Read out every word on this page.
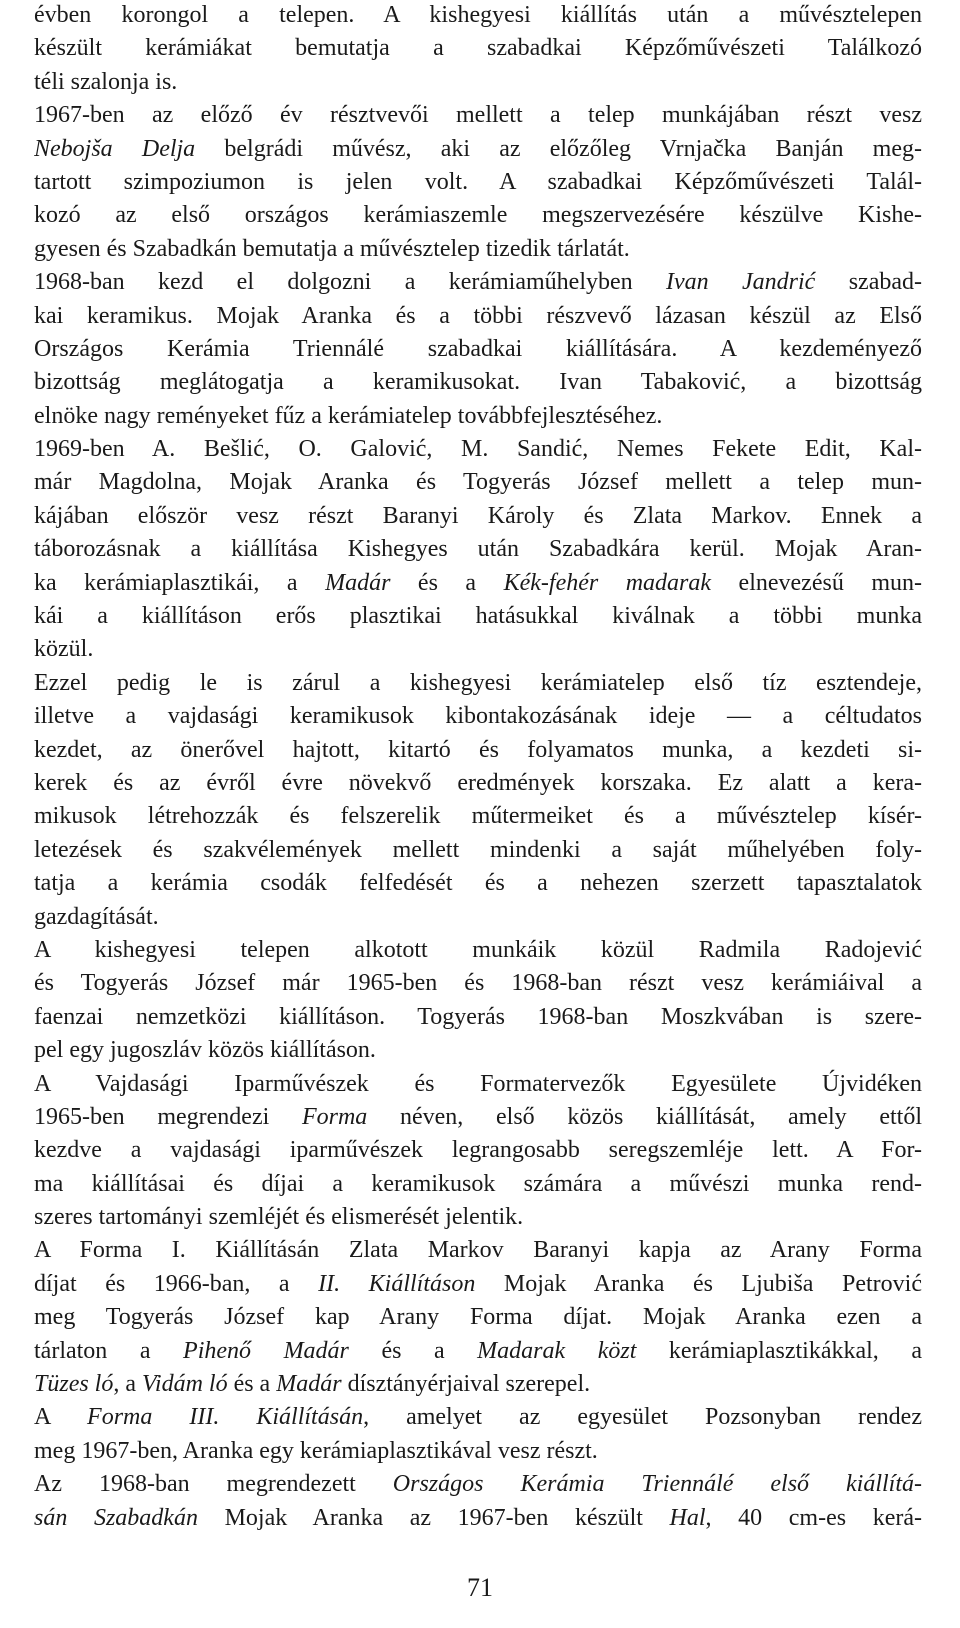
évben korongol a telepen. A kishegyesi kiállítás után a művésztelepen
készült kerámiákat bemutatja a szabadkai Képzőművészeti Találkozó
téli szalonja is.
1967-ben az előző év résztvevői mellett a telep munkájában részt vesz
Nebojša Delja belgrádi művész, aki az előzőleg Vrnjačka Banján meg-
tartott szimpoziumon is jelen volt. A szabadkai Képzőművészeti Talál-
kozó az első országos kerámiaszemle megszervezésére készülve Kishe-
gyesen és Szabadkán bemutatja a művésztelep tizedik tárlatát.
1968-ban kezd el dolgozni a kerámiaműhelyben Ivan Jandrić szabad-
kai keramikus. Mojak Aranka és a többi részvevő lázasan készül az Első
Országos Kerámia Triennálé szabadkai kiállítására. A kezdeményező
bizottság meglátogatja a keramikusokat. Ivan Tabaković, a bizottság
elnöke nagy reményeket fűz a kerámiatelep továbbfejlesztéséhez.
1969-ben A. Bešlić, O. Galović, M. Sandić, Nemes Fekete Edit, Kal-
már Magdolna, Mojak Aranka és Togyerás József mellett a telep mun-
kájában először vesz részt Baranyi Károly és Zlata Markov. Ennek a
táborozásnak a kiállítása Kishegyes után Szabadkára kerül. Mojak Aran-
ka kerámiaplasztikái, a Madár és a Kék-fehér madarak elnevezésű mun-
kái a kiállításon erős plasztikai hatásukkal kiválnak a többi munka
közül.
Ezzel pedig le is zárul a kishegyesi kerámiatelep első tíz esztendeje,
illetve a vajdasági keramikusok kibontakozásának ideje — a céltudatos
kezdet, az önerővel hajtott, kitartó és folyamatos munka, a kezdeti si-
kerek és az évről évre növekvő eredmények korszaka. Ez alatt a kera-
mikusok létrehozzák és felszerelik műtermeiket és a művésztelep kísér-
letezések és szakvélemények mellett mindenki a saját műhelyében foly-
tatja a kerámia csodák felfedését és a nehezen szerzett tapasztalatok
gazdagítását.
A kishegyesi telepen alkotott munkáik közül Radmila Radojević
és Togyerás József már 1965-ben és 1968-ban részt vesz kerámiáival a
faenzai nemzetközi kiállításon. Togyerás 1968-ban Moszkvában is szere-
pel egy jugoszláv közös kiállításon.
A Vajdasági Iparművészek és Formatervezők Egyesülete Újvidéken
1965-ben megrendezi Forma néven, első közös kiállítását, amely ettől
kezdve a vajdasági iparművészek legrangosabb seregszemléje lett. A For-
ma kiállításai és díjai a keramikusok számára a művészi munka rend-
szeres tartományi szemléjét és elismerését jelentik.
A Forma I. Kiállításán Zlata Markov Baranyi kapja az Arany Forma
díjat és 1966-ban, a II. Kiállításon Mojak Aranka és Ljubiša Petrović
meg Togyerás József kap Arany Forma díjat. Mojak Aranka ezen a
tárlaton a Pihenő Madár és a Madarak közt kerámiaplasztikákkal, a
Tüzes ló, a Vidám ló és a Madár dísztányérjaival szerepel.
A Forma III. Kiállításán, amelyet az egyesület Pozsonyban rendez
meg 1967-ben, Aranka egy kerámiaplasztikával vesz részt.
Az 1968-ban megrendezett Országos Kerámia Triennálé első kiállítá-
sán Szabadkán Mojak Aranka az 1967-ben készült Hal, 40 cm-es kerá-
71
